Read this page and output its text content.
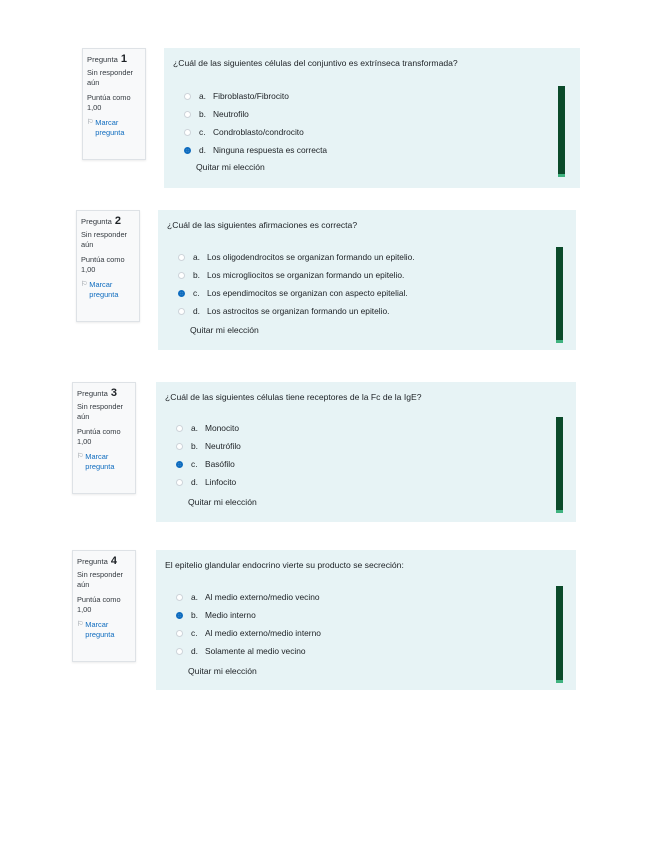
Pregunta 1
Sin responder aún
Puntúa como 1,00
⚐ Marcar pregunta
¿Cuál de las siguientes células del conjuntivo es extrínseca transformada?
a. Fibroblasto/Fibrocito
b. Neutrofilo
c. Condroblasto/condrocito
d. Ninguna respuesta es correcta
Quitar mi elección
Pregunta 2
Sin responder aún
Puntúa como 1,00
⚐ Marcar pregunta
¿Cuál de las siguientes afirmaciones es correcta?
a. Los oligodendrocitos se organizan formando un epitelio.
b. Los microgliocitos se organizan formando un epitelio.
c. Los ependimocitos se organizan con aspecto epitelial.
d. Los astrocitos se organizan formando un epitelio.
Quitar mi elección
Pregunta 3
Sin responder aún
Puntúa como 1,00
⚐ Marcar pregunta
¿Cuál de las siguientes células tiene receptores de la Fc de la IgE?
a. Monocito
b. Neutrófilo
c. Basófilo
d. Linfocito
Quitar mi elección
Pregunta 4
Sin responder aún
Puntúa como 1,00
⚐ Marcar pregunta
El epitelio glandular endocrino vierte su producto se secreción:
a. Al medio externo/medio vecino
b. Medio interno
c. Al medio externo/medio interno
d. Solamente al medio vecino
Quitar mi elección
